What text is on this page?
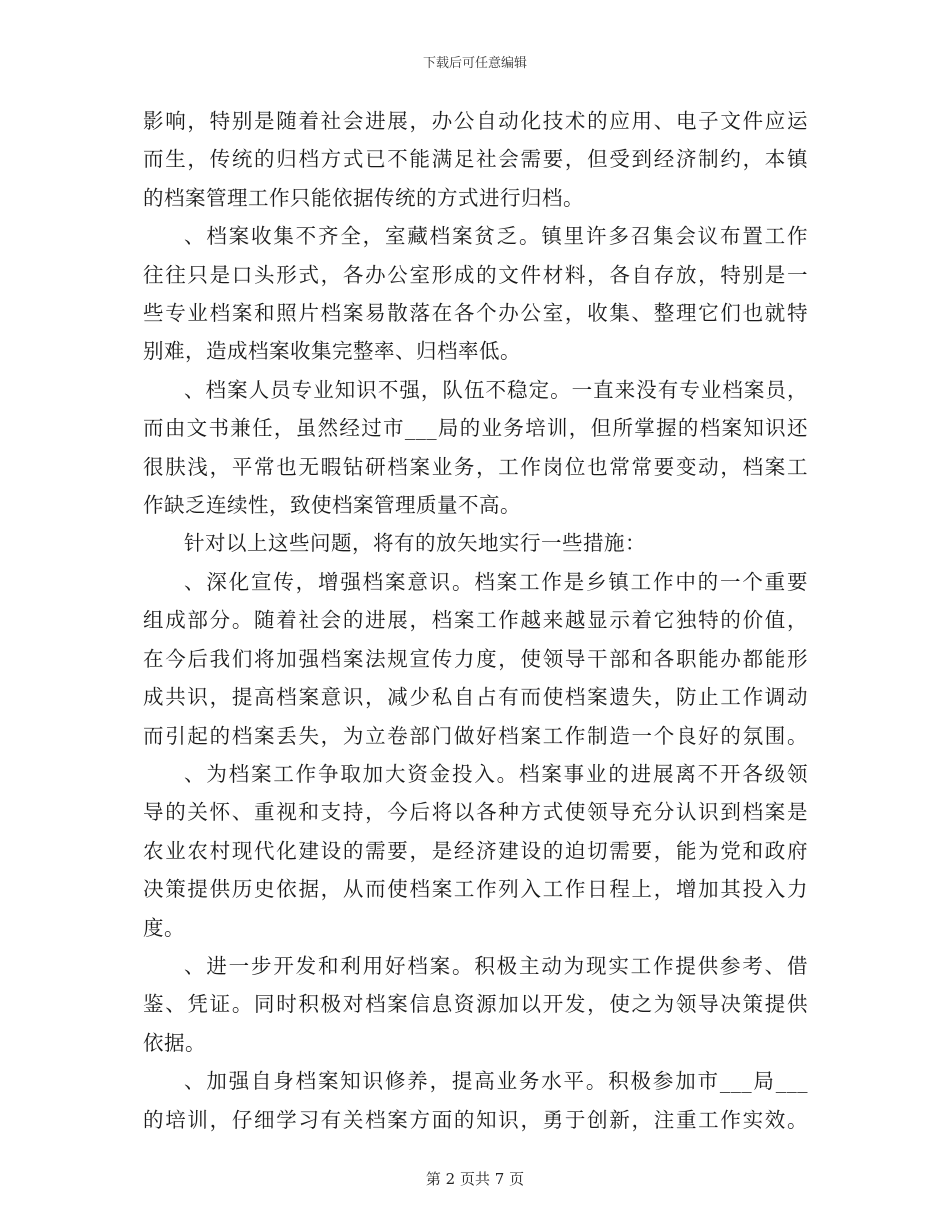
下载后可任意编辑
影响，特别是随着社会进展，办公自动化技术的应用、电子文件应运
而生，传统的归档方式已不能满足社会需要，但受到经济制约，本镇
的档案管理工作只能依据传统的方式进行归档。
、档案收集不齐全，室藏档案贫乏。镇里许多召集会议布置工作
往往只是口头形式，各办公室形成的文件材料，各自存放，特别是一
些专业档案和照片档案易散落在各个办公室，收集、整理它们也就特
别难，造成档案收集完整率、归档率低。
、档案人员专业知识不强，队伍不稳定。一直来没有专业档案员，
而由文书兼任，虽然经过市___局的业务培训，但所掌握的档案知识还
很肤浅，平常也无暇钻研档案业务，工作岗位也常常要变动，档案工
作缺乏连续性，致使档案管理质量不高。
针对以上这些问题，将有的放矢地实行一些措施：
、深化宣传，增强档案意识。档案工作是乡镇工作中的一个重要
组成部分。随着社会的进展，档案工作越来越显示着它独特的价值，
在今后我们将加强档案法规宣传力度，使领导干部和各职能办都能形
成共识，提高档案意识，减少私自占有而使档案遗失，防止工作调动
而引起的档案丢失，为立卷部门做好档案工作制造一个良好的氛围。
、为档案工作争取加大资金投入。档案事业的进展离不开各级领
导的关怀、重视和支持，今后将以各种方式使领导充分认识到档案是
农业农村现代化建设的需要，是经济建设的迫切需要，能为党和政府
决策提供历史依据，从而使档案工作列入工作日程上，增加其投入力
度。
、进一步开发和利用好档案。积极主动为现实工作提供参考、借
鉴、凭证。同时积极对档案信息资源加以开发，使之为领导决策提供
依据。
、加强自身档案知识修养，提高业务水平。积极参加市___局___
的培训，仔细学习有关档案方面的知识，勇于创新，注重工作实效。
第 2 页共 7 页
